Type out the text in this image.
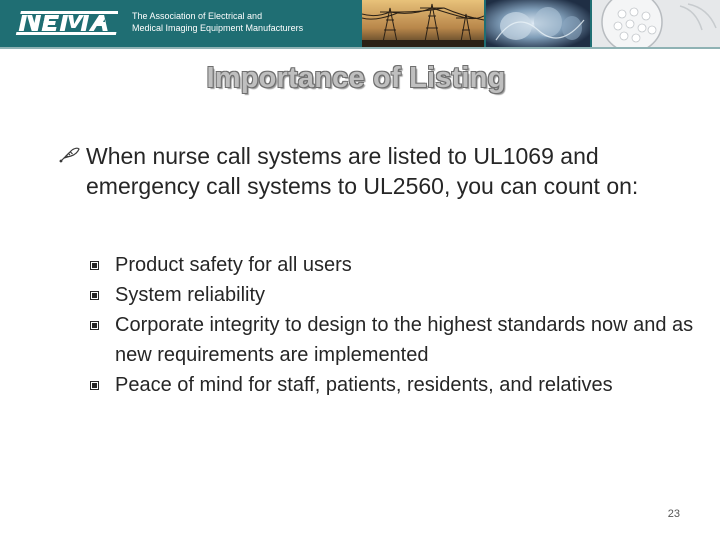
The Association of Electrical and
Medical Imaging Equipment Manufacturers
Importance of Listing
When nurse call systems are listed to UL1069 and emergency call systems to UL2560, you can count on:
Product safety for all users
System reliability
Corporate integrity to design to the highest standards now and as new requirements are implemented
Peace of mind for staff, patients, residents, and relatives
23
